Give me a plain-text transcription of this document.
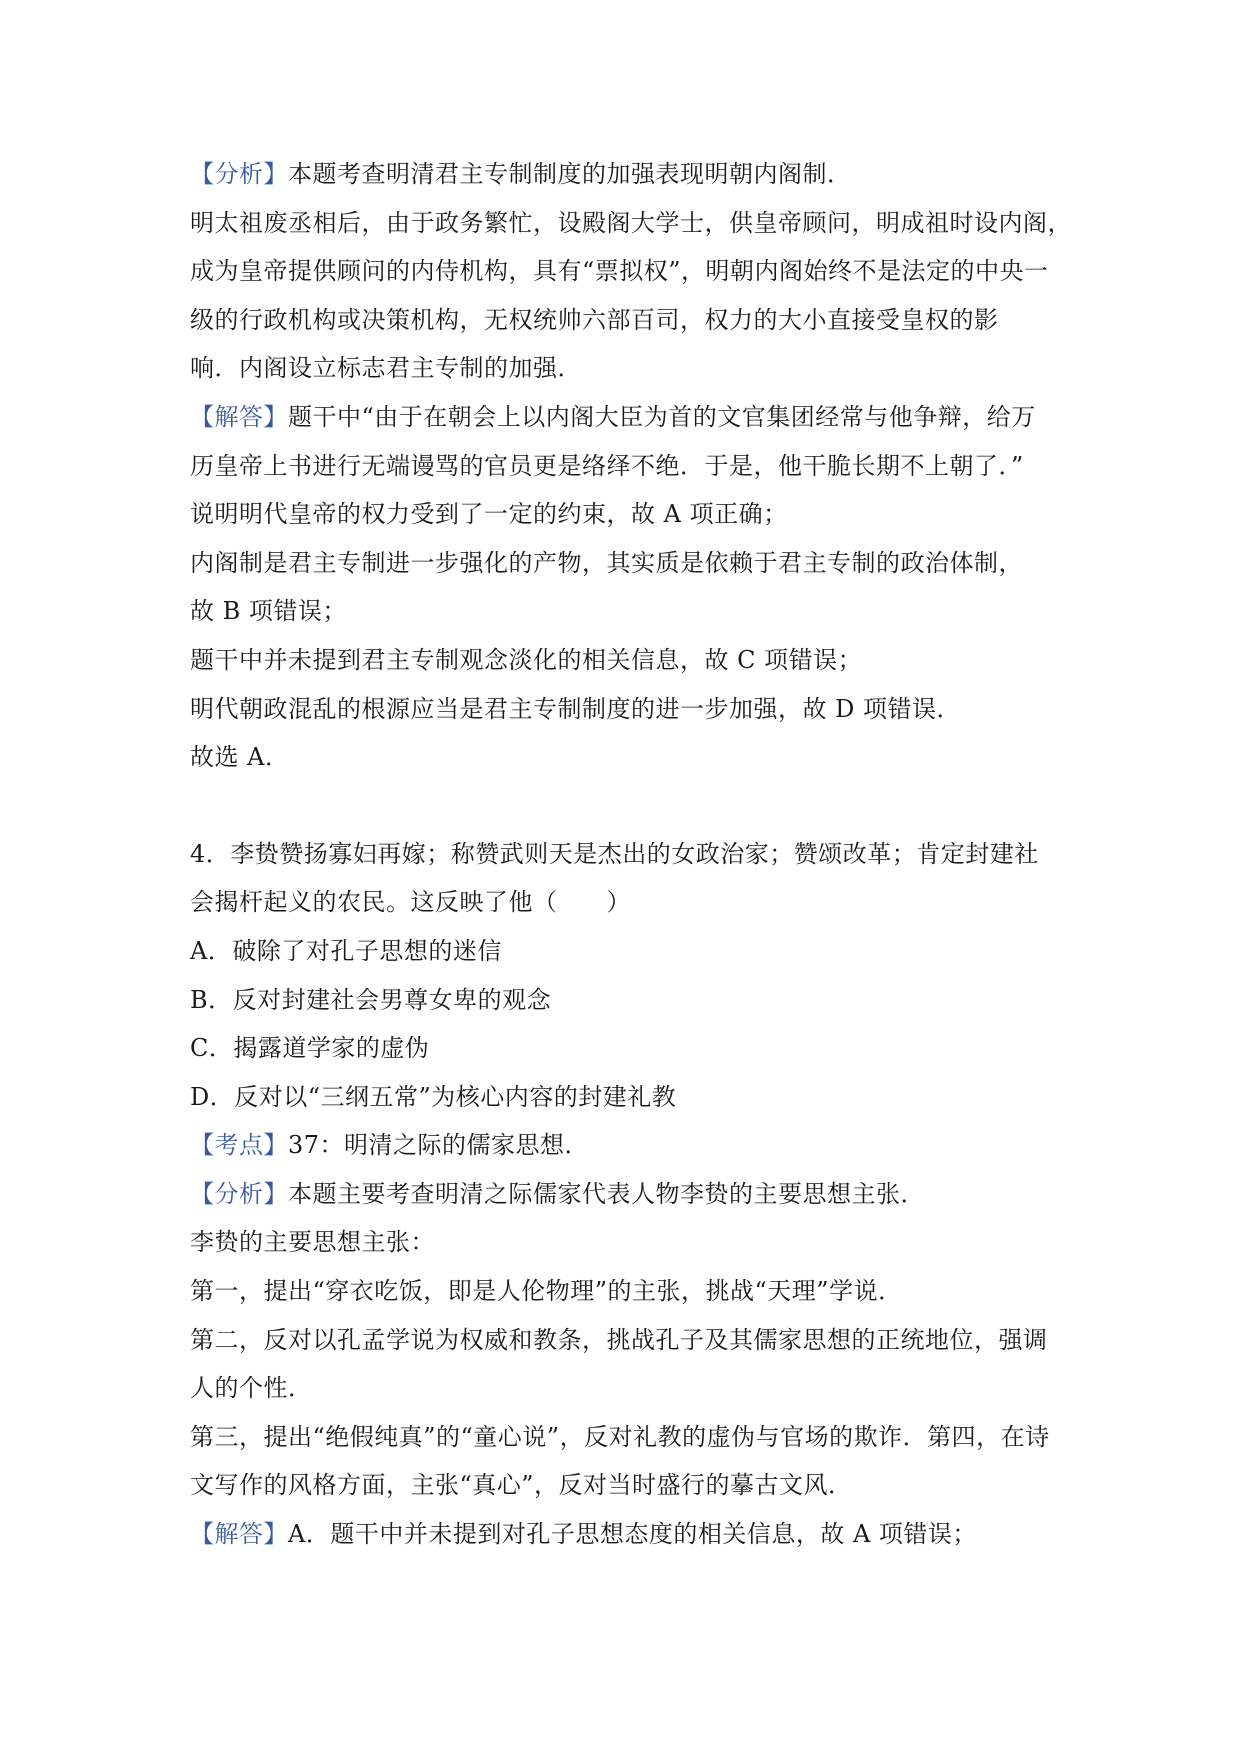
【分析】本题考查明清君主专制制度的加强表现明朝内阁制．
明太祖废丞相后，由于政务繁忙，设殿阁大学士，供皇帝顾问，明成祖时设内阁，
成为皇帝提供顾问的内侍机构，具有“票拟权”，明朝内阁始终不是法定的中央一
级的行政机构或决策机构，无权统帅六部百司，权力的大小直接受皇权的影
响．内阁设立标志君主专制的加强．
【解答】题干中“由于在朝会上以内阁大臣为首的文官集团经常与他争辩，给万
历皇帝上书进行无端谩骂的官员更是络绎不绝．于是，他干脆长期不上朝了．”
说明明代皇帝的权力受到了一定的约束，故 A 项正确；
内阁制是君主专制进一步强化的产物，其实质是依赖于君主专制的政治体制，
故 B 项错误；
题干中并未提到君主专制观念淡化的相关信息，故 C 项错误；
明代朝政混乱的根源应当是君主专制制度的进一步加强，故 D 项错误．
故选 A．
4．李贽赞扬寡妇再嫁；称赞武则天是杰出的女政治家；赞颂改革；肯定封建社
会揭杆起义的农民。这反映了他（　　）
A．破除了对孔子思想的迷信
B．反对封建社会男尊女卑的观念
C．揭露道学家的虚伪
D．反对以“三纲五常”为核心内容的封建礼教
【考点】37：明清之际的儒家思想．
【分析】本题主要考查明清之际儒家代表人物李贽的主要思想主张．
李贽的主要思想主张：
第一，提出“穿衣吃饭，即是人伦物理”的主张，挑战“天理”学说．
第二，反对以孔孟学说为权威和教条，挑战孔子及其儒家思想的正统地位，强调
人的个性．
第三，提出“绝假纯真”的“童心说”，反对礼教的虚伪与官场的欺诈．第四，在诗
文写作的风格方面，主张“真心”，反对当时盛行的摹古文风．
【解答】A．题干中并未提到对孔子思想态度的相关信息，故 A 项错误；
